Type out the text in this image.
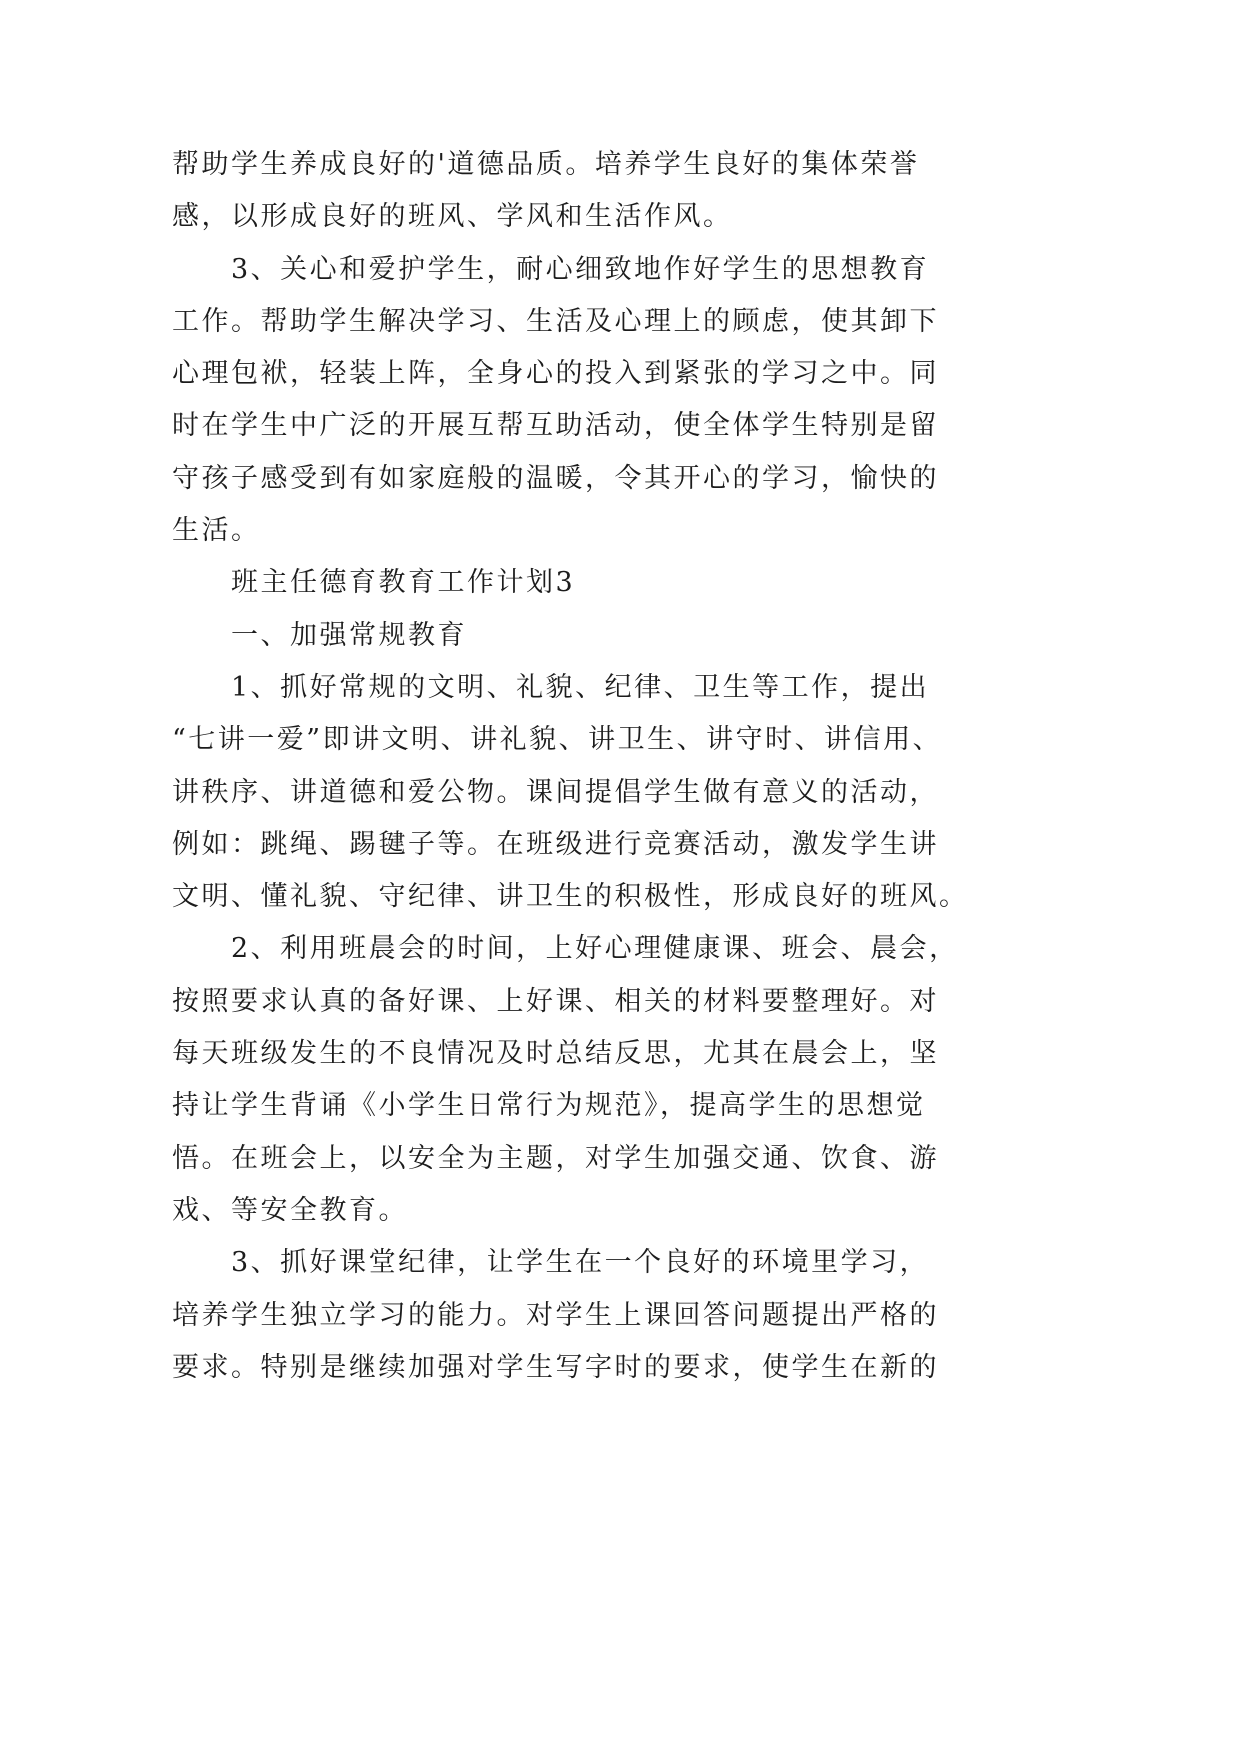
帮助学生养成良好的'道德品质。培养学生良好的集体荣誉
感，以形成良好的班风、学风和生活作风。
3、关心和爱护学生，耐心细致地作好学生的思想教育
工作。帮助学生解决学习、生活及心理上的顾虑，使其卸下
心理包袱，轻装上阵，全身心的投入到紧张的学习之中。同
时在学生中广泛的开展互帮互助活动，使全体学生特别是留
守孩子感受到有如家庭般的温暖，令其开心的学习，愉快的
生活。
班主任德育教育工作计划3
一、加强常规教育
1、抓好常规的文明、礼貌、纪律、卫生等工作，提出
“七讲一爱”即讲文明、讲礼貌、讲卫生、讲守时、讲信用、
讲秩序、讲道德和爱公物。课间提倡学生做有意义的活动，
例如：跳绳、踢毽子等。在班级进行竞赛活动，激发学生讲
文明、懂礼貌、守纪律、讲卫生的积极性，形成良好的班风。
2、利用班晨会的时间，上好心理健康课、班会、晨会，
按照要求认真的备好课、上好课、相关的材料要整理好。对
每天班级发生的不良情况及时总结反思，尤其在晨会上，坚
持让学生背诵《小学生日常行为规范》，提高学生的思想觉
悟。在班会上，以安全为主题，对学生加强交通、饮食、游
戏、等安全教育。
3、抓好课堂纪律，让学生在一个良好的环境里学习，
培养学生独立学习的能力。对学生上课回答问题提出严格的
要求。特别是继续加强对学生写字时的要求，使学生在新的
